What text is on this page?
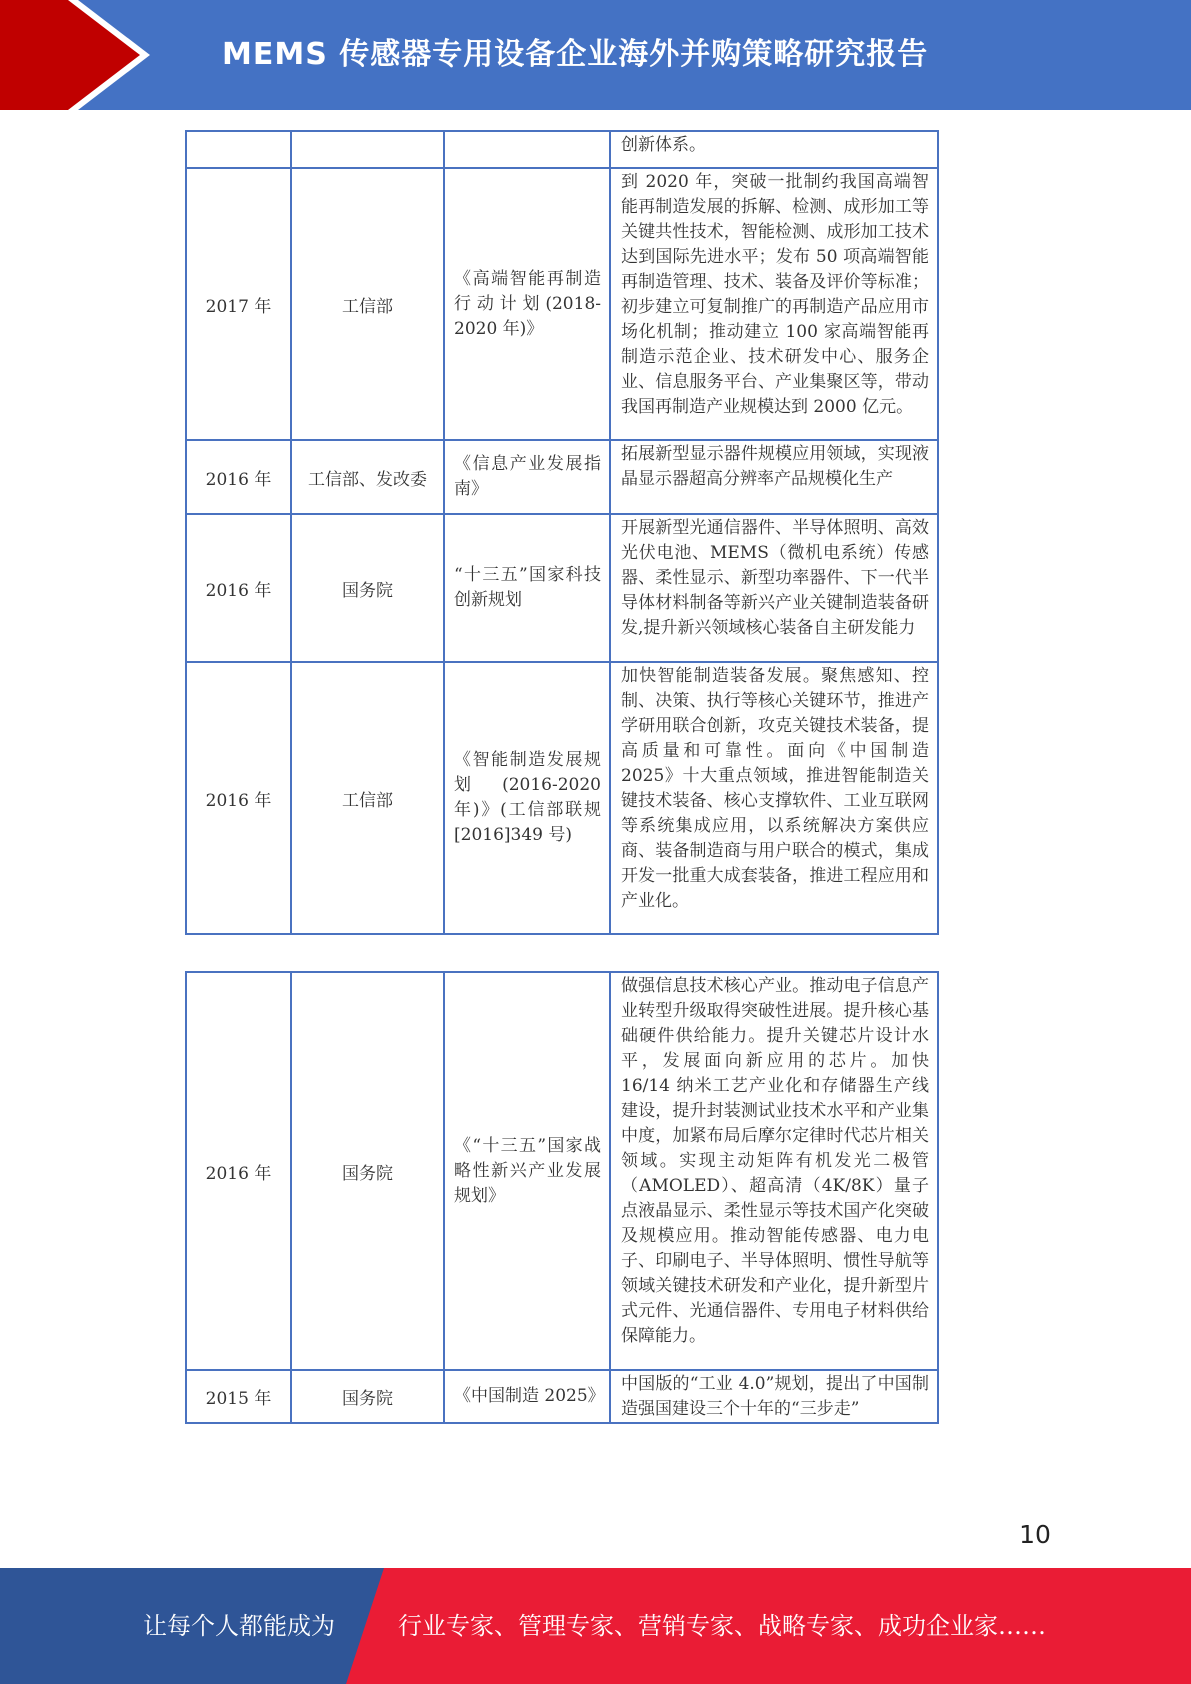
MEMS 传感器专用设备企业海外并购策略研究报告
			创新体系。
2017 年	工信部	《高端智能再制造行动计划(2018-2020 年)》	到 2020 年，突破一批制约我国高端智能再制造发展的拆解、检测、成形加工等关键共性技术，智能检测、成形加工技术达到国际先进水平；发布 50 项高端智能再制造管理、技术、装备及评价等标准；初步建立可复制推广的再制造产品应用市场化机制；推动建立 100 家高端智能再制造示范企业、技术研发中心、服务企业、信息服务平台、产业集聚区等，带动我国再制造产业规模达到 2000 亿元。
2016 年	工信部、发改委	《信息产业发展指南》	拓展新型显示器件规模应用领域，实现液晶显示器超高分辨率产品规模化生产
2016 年	国务院	“十三五”国家科技创新规划	开展新型光通信器件、半导体照明、高效光伏电池、MEMS（微机电系统）传感器、柔性显示、新型功率器件、下一代半导体材料制备等新兴产业关键制造装备研发,提升新兴领域核心装备自主研发能力
2016 年	工信部	《智能制造发展规划(2016-2020年)》(工信部联规[2016]349 号)	加快智能制造装备发展。聚焦感知、控制、决策、执行等核心关键环节，推进产学研用联合创新，攻克关键技术装备，提高质量和可靠性。面向《中国制造 2025》十大重点领域，推进智能制造关键技术装备、核心支撑软件、工业互联网等系统集成应用，以系统解决方案供应商、装备制造商与用户联合的模式，集成开发一批重大成套装备，推进工程应用和产业化。
2016 年	国务院	《“十三五”国家战略性新兴产业发展规划》	做强信息技术核心产业。推动电子信息产业转型升级取得突破性进展。提升核心基础硬件供给能力。提升关键芯片设计水平，发展面向新应用的芯片。加快 16/14 纳米工艺产业化和存储器生产线建设，提升封装测试业技术水平和产业集中度，加紧布局后摩尔定律时代芯片相关领域。实现主动矩阵有机发光二极管（AMOLED）、超高清（4K/8K）量子点液晶显示、柔性显示等技术国产化突破及规模应用。推动智能传感器、电力电子、印刷电子、半导体照明、惯性导航等领域关键技术研发和产业化，提升新型片式元件、光通信器件、专用电子材料供给保障能力。
2015 年	国务院	《中国制造 2025》	中国版的“工业 4.0”规划，提出了中国制造强国建设三个十年的“三步走”
10
让每个人都能成为	行业专家、管理专家、营销专家、战略专家、成功企业家……
